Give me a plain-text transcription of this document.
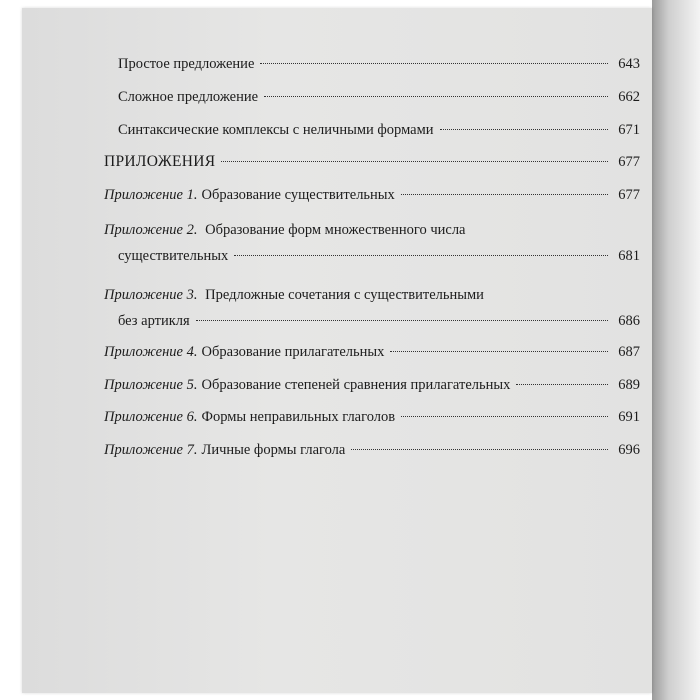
Простое предложение	643
Сложное предложение	662
Синтаксические комплексы с неличными формами	671
ПРИЛОЖЕНИЯ	677
Приложение 1. Образование существительных	677
Приложение 2. Образование форм множественного числа
существительных	681
Приложение 3. Предложные сочетания с существительными
без артикля	686
Приложение 4. Образование прилагательных	687
Приложение 5. Образование степеней сравнения прилагательных	689
Приложение 6. Формы неправильных глаголов	691
Приложение 7. Личные формы глагола	696
